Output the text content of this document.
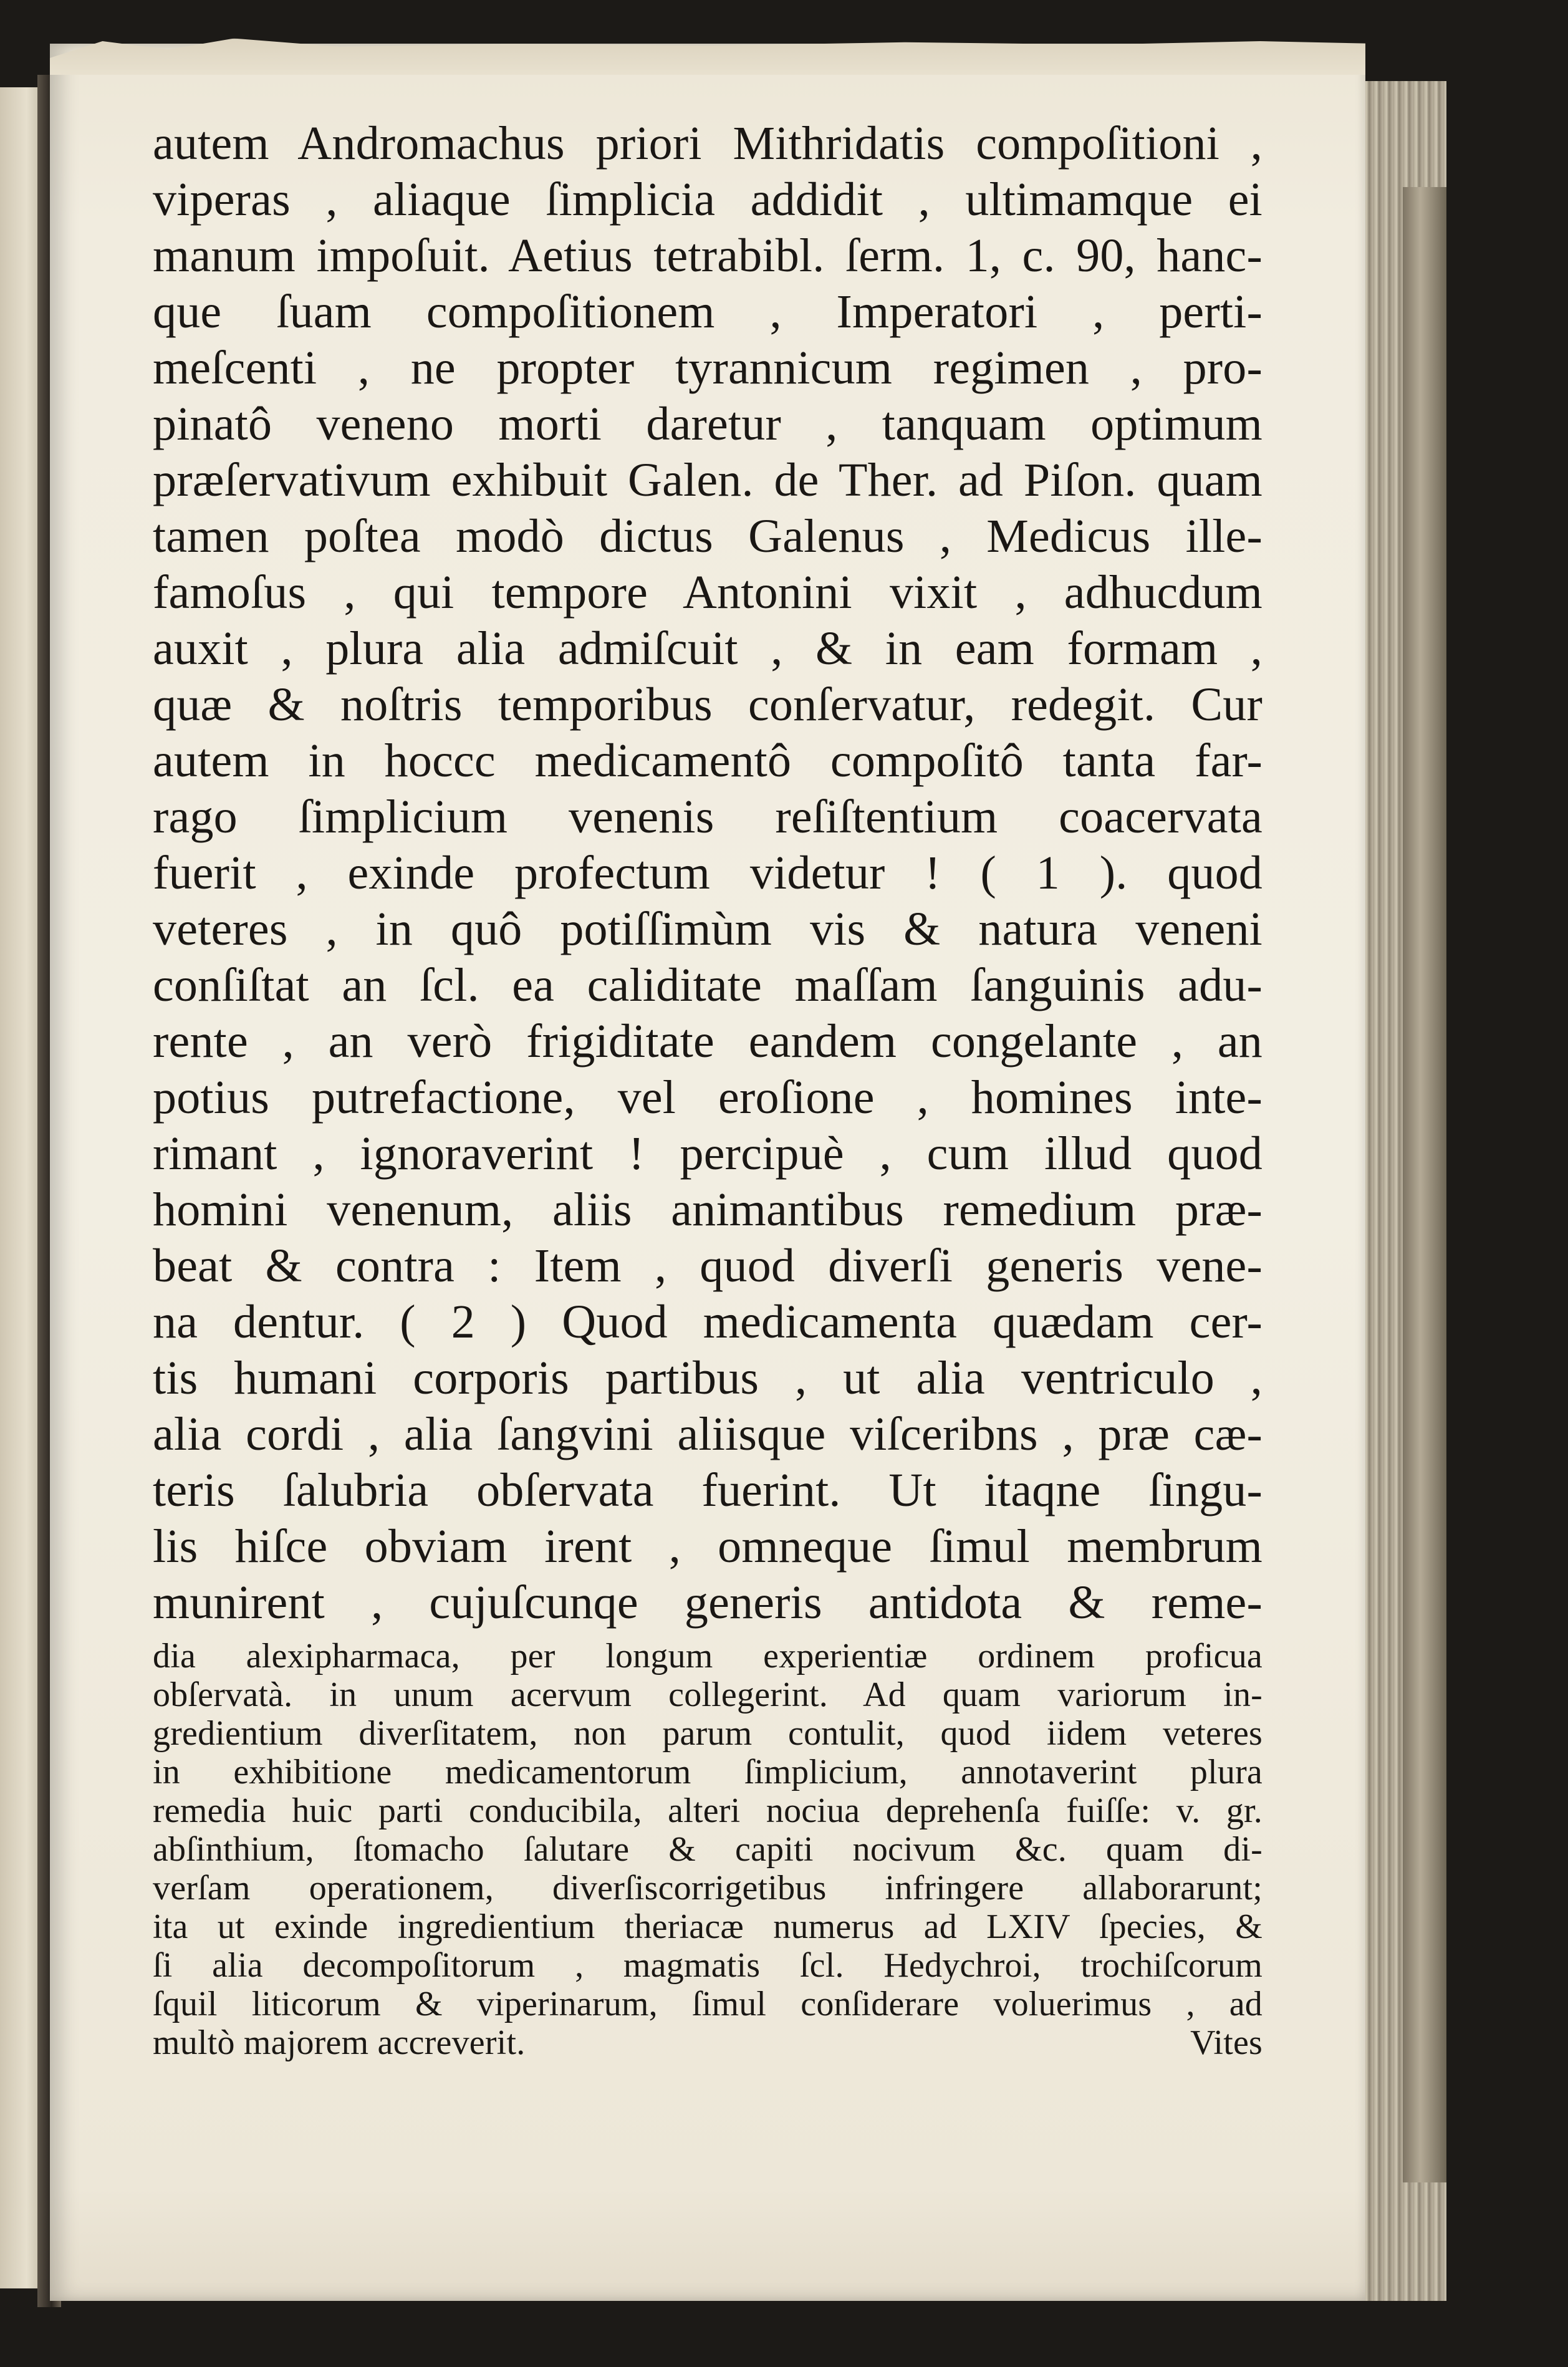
autem Andromachus priori Mithridatis compoſitioni ,
viperas , aliaque ſimplicia addidit , ultimamque ei
manum impoſuit. Aetius tetrabibl. ſerm. 1, c. 90, hanc-
que ſuam compoſitionem , Imperatori , perti-
meſcenti , ne propter tyrannicum regimen , pro-
pinatô veneno morti daretur , tanquam optimum
præſervativum exhibuit Galen. de Ther. ad Piſon. quam
tamen poſtea modò dictus Galenus , Medicus ille-
famoſus , qui tempore Antonini vixit , adhucdum
auxit , plura alia admiſcuit , & in eam formam ,
quæ & noſtris temporibus conſervatur, redegit. Cur
autem in hoccc medicamentô compoſitô tanta far-
rago ſimplicium venenis reſiſtentium coacervata
fuerit , exinde profectum videtur ! ( 1 ). quod
veteres , in quô potiſſimùm vis & natura veneni
conſiſtat an ſcl. ea caliditate maſſam ſanguinis adu-
rente , an verò frigiditate eandem congelante , an
potius putrefactione, vel eroſione , homines inte-
rimant , ignoraverint ! percipuè , cum illud quod
homini venenum, aliis animantibus remedium præ-
beat & contra : Item , quod diverſi generis vene-
na dentur. ( 2 ) Quod medicamenta quædam cer-
tis humani corporis partibus , ut alia ventriculo ,
alia cordi , alia ſangvini aliisque viſceribns , præ cæ-
teris ſalubria obſervata fuerint. Ut itaqne ſingu-
lis hiſce obviam irent , omneque ſimul membrum
munirent , cujuſcunqe generis antidota & reme-
dia alexipharmaca, per longum experientiæ ordinem proficua
obſervatà. in unum acervum collegerint. Ad quam variorum in-
gredientium diverſitatem, non parum contulit, quod iidem veteres
in exhibitione medicamentorum ſimplicium, annotaverint plura
remedia huic parti conducibila, alteri nociua deprehenſa fuiſſe: v. gr.
abſinthium, ſtomacho ſalutare & capiti nocivum &c. quam di-
verſam operationem, diverſiscorrigetibus infringere allaborarunt;
ita ut exinde ingredientium theriacæ numerus ad LXIV ſpecies, &
ſi alia decompoſitorum , magmatis ſcl. Hedychroi, trochiſcorum
ſquil liticorum & viperinarum, ſimul conſiderare voluerimus , ad
multò majorem accreverit.	Vites
